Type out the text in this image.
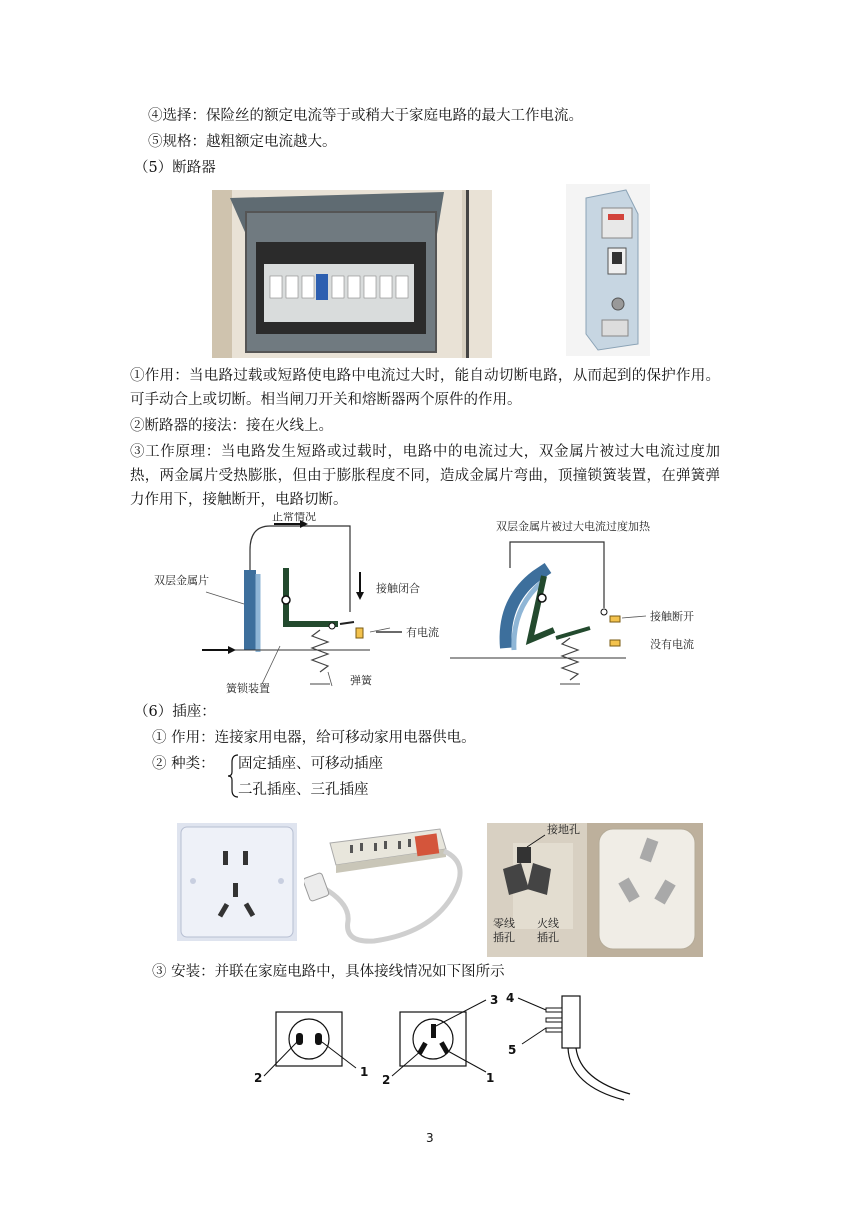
④选择：保险丝的额定电流等于或稍大于家庭电路的最大工作电流。
⑤规格：越粗额定电流越大。
（5）断路器
①作用：当电路过载或短路使电路中电流过大时，能自动切断电路，从而起到的保护作用。可手动合上或切断。相当闸刀开关和熔断器两个原件的作用。
②断路器的接法：接在火线上。
③工作原理：当电路发生短路或过载时，电路中的电流过大，双金属片被过大电流过度加热，两金属片受热膨胀，但由于膨胀程度不同，造成金属片弯曲，顶撞锁簧装置，在弹簧弹力作用下，接触断开，电路切断。
正常情况
双层金属片
接触闭合
有电流
簧锁装置
弹簧
双层金属片被过大电流过度加热
接触断开
没有电流
（6）插座：
① 作用：连接家用电器，给可移动家用电器供电。
② 种类： 固定插座、可移动插座
二孔插座、三孔插座
接地孔
零线
插孔
火线
插孔
③ 安装：并联在家庭电路中，具体接线情况如下图所示
2	1
3
2	1
4
5
3
